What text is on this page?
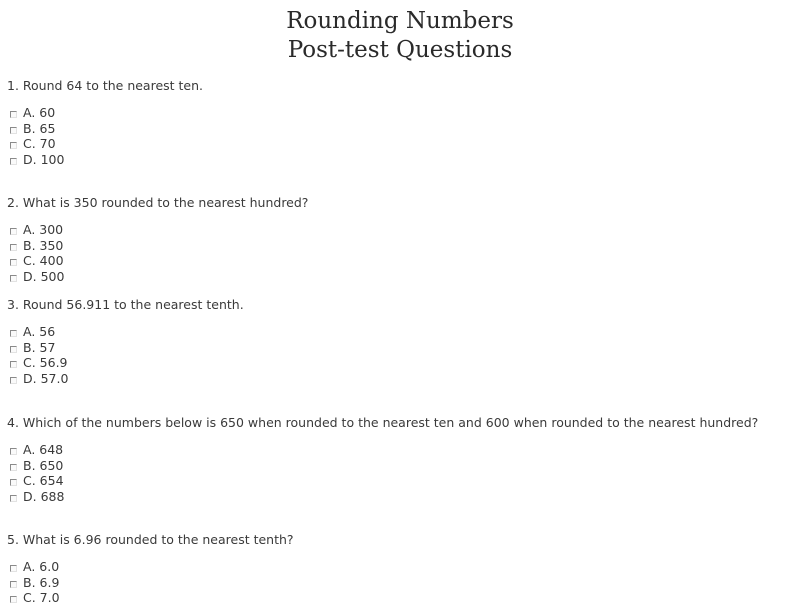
Rounding Numbers
Post-test Questions

1. Round 64 to the nearest ten.

A. 60
B. 65
C. 70
D. 100

2. What is 350 rounded to the nearest hundred?

A. 300
B. 350
C. 400
D. 500

3. Round 56.911 to the nearest tenth.

A. 56
B. 57
C. 56.9
D. 57.0

4. Which of the numbers below is 650 when rounded to the nearest ten and 600 when rounded to the nearest hundred?

A. 648
B. 650
C. 654
D. 688

5. What is 6.96 rounded to the nearest tenth?

A. 6.0
B. 6.9
C. 7.0
